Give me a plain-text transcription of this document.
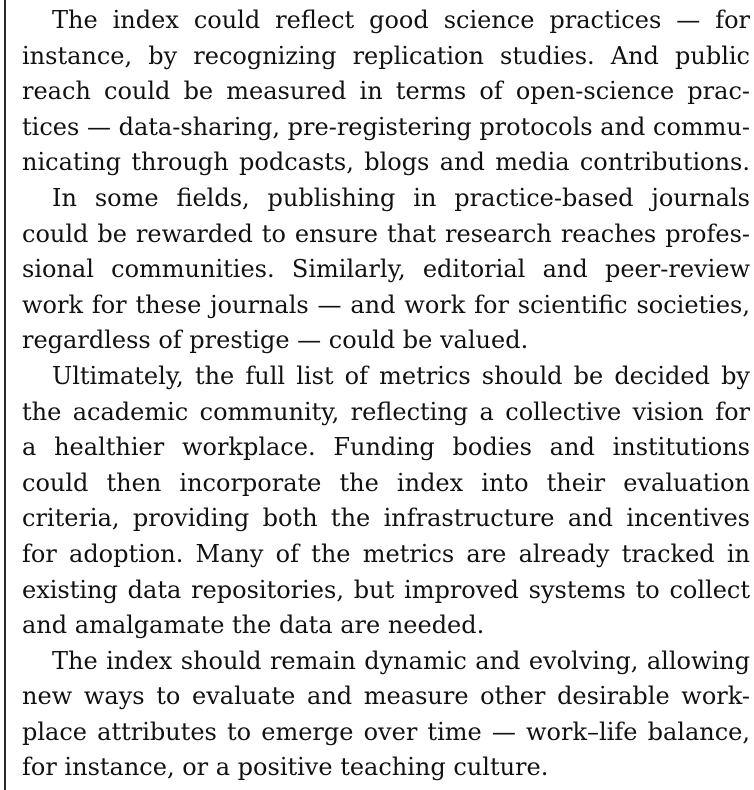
The index could reflect good science practices — for
instance, by recognizing replication studies. And public
reach could be measured in terms of open-science prac-
tices — data-sharing, pre-registering protocols and commu-
nicating through podcasts, blogs and media contributions.
In some fields, publishing in practice-based journals
could be rewarded to ensure that research reaches profes-
sional communities. Similarly, editorial and peer-review
work for these journals — and work for scientific societies,
regardless of prestige — could be valued.
Ultimately, the full list of metrics should be decided by
the academic community, reflecting a collective vision for
a healthier workplace. Funding bodies and institutions
could then incorporate the index into their evaluation
criteria, providing both the infrastructure and incentives
for adoption. Many of the metrics are already tracked in
existing data repositories, but improved systems to collect
and amalgamate the data are needed.
The index should remain dynamic and evolving, allowing
new ways to evaluate and measure other desirable work-
place attributes to emerge over time — work–life balance,
for instance, or a positive teaching culture.
